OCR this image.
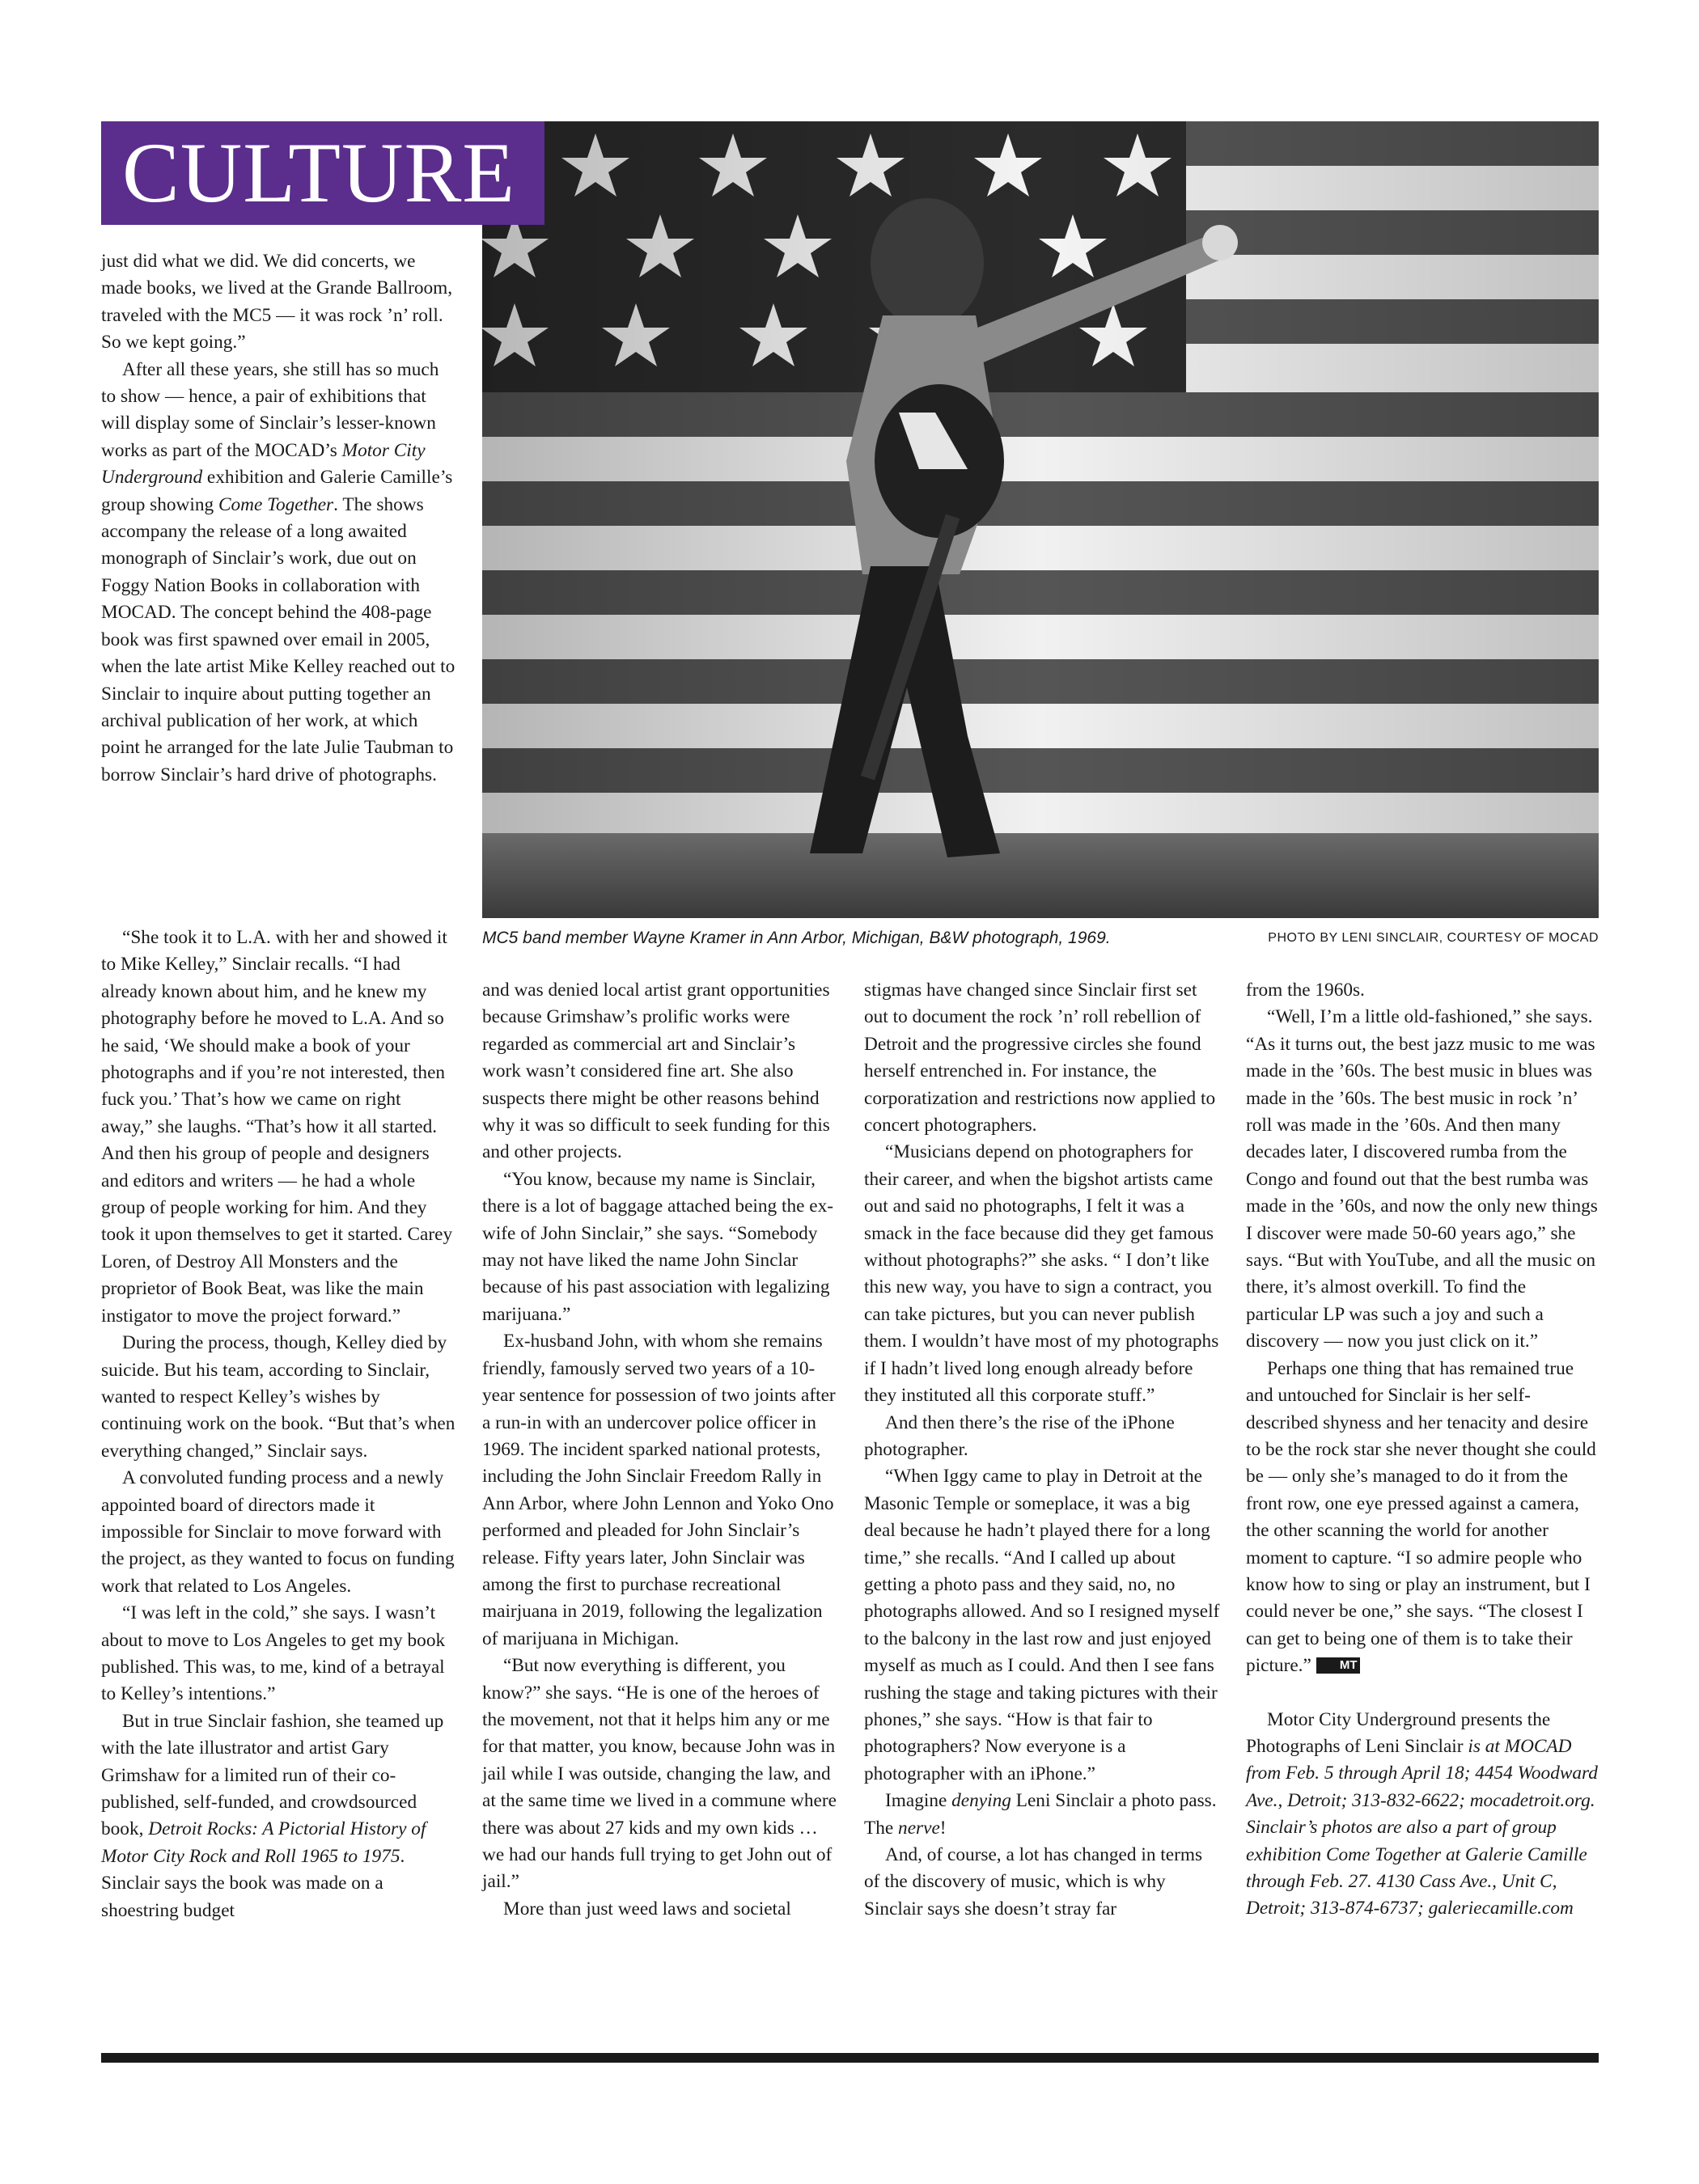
CULTURE
MC5 band member Wayne Kramer in Ann Arbor, Michigan, B&W photograph, 1969.	PHOTO BY LENI SINCLAIR, COURTESY OF MOCAD

just did what we did. We did concerts, we made books, we lived at the Grande Ballroom, traveled with the MC5 — it was rock ’n’ roll. So we kept going.”

After all these years, she still has so much to show — hence, a pair of exhibitions that will display some of Sinclair’s lesser-known works as part of the MOCAD’s Motor City Underground exhibition and Galerie Camille’s group showing Come Together. The shows accompany the release of a long awaited monograph of Sinclair’s work, due out on Foggy Nation Books in collaboration with MOCAD. The concept behind the 408-page book was first spawned over email in 2005, when the late artist Mike Kelley reached out to Sinclair to inquire about putting together an archival publication of her work, at which point he arranged for the late Julie Taubman to borrow Sinclair’s hard drive of photographs.

“She took it to L.A. with her and showed it to Mike Kelley,” Sinclair recalls. “I had already known about him, and he knew my photography before he moved to L.A. And so he said, ‘We should make a book of your photographs and if you’re not interested, then fuck you.’ That’s how we came on right away,” she laughs. “That’s how it all started. And then his group of people and designers and editors and writers — he had a whole group of people working for him. And they took it upon themselves to get it started. Carey Loren, of Destroy All Monsters and the proprietor of Book Beat, was like the main instigator to move the project forward.”

During the process, though, Kelley died by suicide. But his team, according to Sinclair, wanted to respect Kelley’s wishes by continuing work on the book. “But that’s when everything changed,” Sinclair says.

A convoluted funding process and a newly appointed board of directors made it impossible for Sinclair to move forward with the project, as they wanted to focus on funding work that related to Los Angeles.

“I was left in the cold,” she says. I wasn’t about to move to Los Angeles to get my book published. This was, to me, kind of a betrayal to Kelley’s intentions.”

But in true Sinclair fashion, she teamed up with the late illustrator and artist Gary Grimshaw for a limited run of their co-published, self-funded, and crowdsourced book, Detroit Rocks: A Pictorial History of Motor City Rock and Roll 1965 to 1975. Sinclair says the book was made on a shoestring budget

and was denied local artist grant opportunities because Grimshaw’s prolific works were regarded as commercial art and Sinclair’s work wasn’t considered fine art. She also suspects there might be other reasons behind why it was so difficult to seek funding for this and other projects.

“You know, because my name is Sinclair, there is a lot of baggage attached being the ex-wife of John Sinclair,” she says. “Somebody may not have liked the name John Sinclar because of his past association with legalizing marijuana.”

Ex-husband John, with whom she remains friendly, famously served two years of a 10-year sentence for possession of two joints after a run-in with an undercover police officer in 1969. The incident sparked national protests, including the John Sinclair Freedom Rally in Ann Arbor, where John Lennon and Yoko Ono performed and pleaded for John Sinclair’s release. Fifty years later, John Sinclair was among the first to purchase recreational mairjuana in 2019, following the legalization of marijuana in Michigan.

“But now everything is different, you know?” she says. “He is one of the heroes of the movement, not that it helps him any or me for that matter, you know, because John was in jail while I was outside, changing the law, and at the same time we lived in a commune where there was about 27 kids and my own kids … we had our hands full trying to get John out of jail.”

More than just weed laws and societal

stigmas have changed since Sinclair first set out to document the rock ’n’ roll rebellion of Detroit and the progressive circles she found herself entrenched in. For instance, the corporatization and restrictions now applied to concert photographers.

“Musicians depend on photographers for their career, and when the bigshot artists came out and said no photographs, I felt it was a smack in the face because did they get famous without photographs?” she asks. “ I don’t like this new way, you have to sign a contract, you can take pictures, but you can never publish them. I wouldn’t have most of my photographs if I hadn’t lived long enough already before they instituted all this corporate stuff.”

And then there’s the rise of the iPhone photographer.

“When Iggy came to play in Detroit at the Masonic Temple or someplace, it was a big deal because he hadn’t played there for a long time,” she recalls. “And I called up about getting a photo pass and they said, no, no photographs allowed. And so I resigned myself to the balcony in the last row and just enjoyed myself as much as I could. And then I see fans rushing the stage and taking pictures with their phones,” she says. “How is that fair to photographers? Now everyone is a photographer with an iPhone.”

Imagine denying Leni Sinclair a photo pass. The nerve!

And, of course, a lot has changed in terms of the discovery of music, which is why Sinclair says she doesn’t stray far

from the 1960s.

“Well, I’m a little old-fashioned,” she says. “As it turns out, the best jazz music to me was made in the ’60s. The best music in blues was made in the ’60s. The best music in rock ’n’ roll was made in the ’60s. And then many decades later, I discovered rumba from the Congo and found out that the best rumba was made in the ’60s, and now the only new things I discover were made 50-60 years ago,” she says. “But with YouTube, and all the music on there, it’s almost overkill. To find the particular LP was such a joy and such a discovery — now you just click on it.”

Perhaps one thing that has remained true and untouched for Sinclair is her self-described shyness and her tenacity and desire to be the rock star she never thought she could be — only she’s managed to do it from the front row, one eye pressed against a camera, the other scanning the world for another moment to capture. “I so admire people who know how to sing or play an instrument, but I could never be one,” she says. “The closest I can get to being one of them is to take their picture.” MT

Motor City Underground presents the Photographs of Leni Sinclair is at MOCAD from Feb. 5 through April 18; 4454 Woodward Ave., Detroit; 313-832-6622; mocadetroit.org. Sinclair’s photos are also a part of group exhibition Come Together at Galerie Camille through Feb. 27. 4130 Cass Ave., Unit C, Detroit; 313-874-6737; galeriecamille.com
